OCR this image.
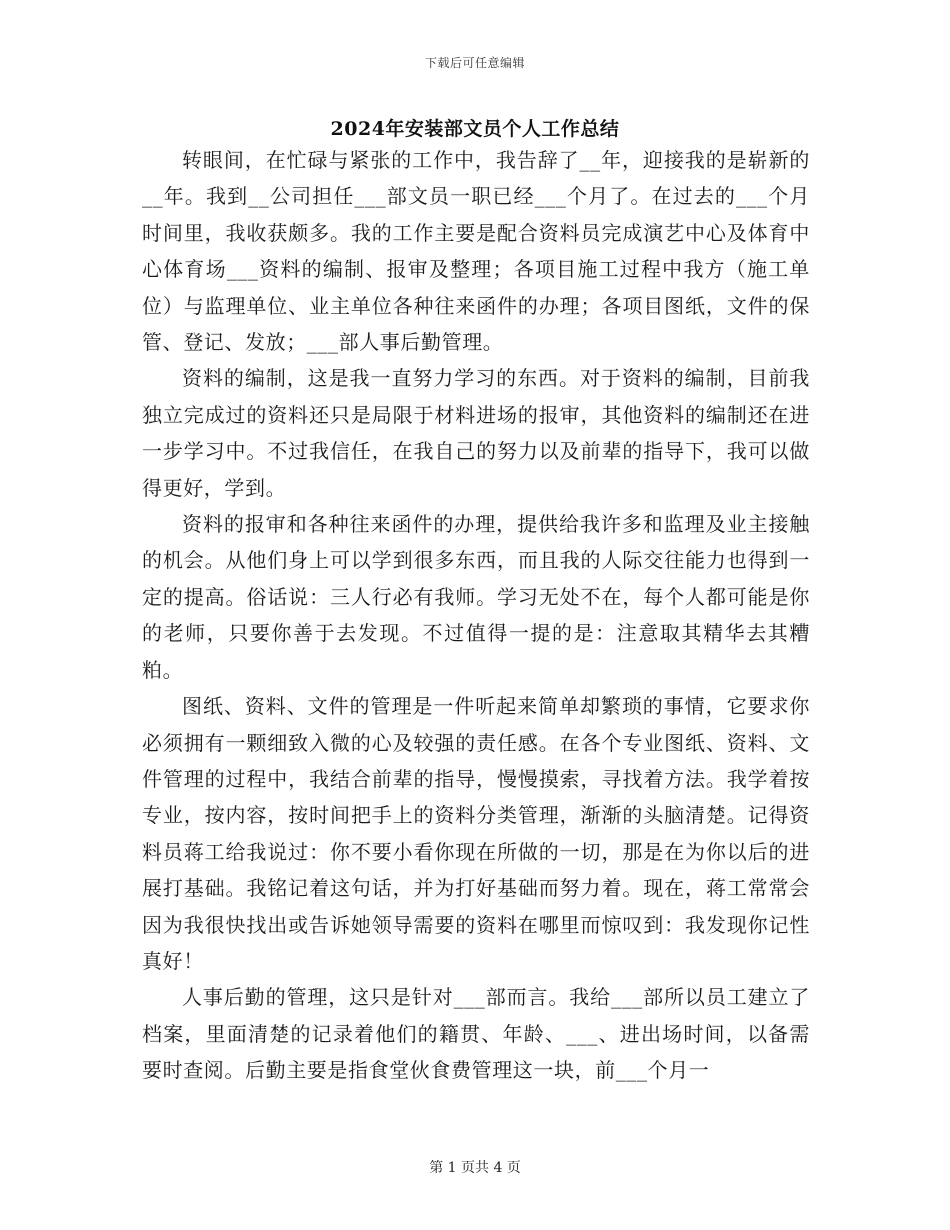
下载后可任意编辑
2024年安装部文员个人工作总结

转眼间，在忙碌与紧张的工作中，我告辞了__年，迎接我的是崭新的__年。我到__公司担任___部文员一职已经___个月了。在过去的___个月时间里，我收获颇多。我的工作主要是配合资料员完成演艺中心及体育中心体育场___资料的编制、报审及整理；各项目施工过程中我方（施工单位）与监理单位、业主单位各种往来函件的办理；各项目图纸，文件的保管、登记、发放；___部人事后勤管理。

资料的编制，这是我一直努力学习的东西。对于资料的编制，目前我独立完成过的资料还只是局限于材料进场的报审，其他资料的编制还在进一步学习中。不过我信任，在我自己的努力以及前辈的指导下，我可以做得更好，学到。

资料的报审和各种往来函件的办理，提供给我许多和监理及业主接触的机会。从他们身上可以学到很多东西，而且我的人际交往能力也得到一定的提高。俗话说：三人行必有我师。学习无处不在，每个人都可能是你的老师，只要你善于去发现。不过值得一提的是：注意取其精华去其糟粕。

图纸、资料、文件的管理是一件听起来简单却繁琐的事情，它要求你必须拥有一颗细致入微的心及较强的责任感。在各个专业图纸、资料、文件管理的过程中，我结合前辈的指导，慢慢摸索，寻找着方法。我学着按专业，按内容，按时间把手上的资料分类管理，渐渐的头脑清楚。记得资料员蒋工给我说过：你不要小看你现在所做的一切，那是在为你以后的进展打基础。我铭记着这句话，并为打好基础而努力着。现在，蒋工常常会因为我很快找出或告诉她领导需要的资料在哪里而惊叹到：我发现你记性真好！

人事后勤的管理，这只是针对___部而言。我给___部所以员工建立了档案，里面清楚的记录着他们的籍贯、年龄、___、进出场时间，以备需要时查阅。后勤主要是指食堂伙食费管理这一块，前___个月一

第 1 页共 4 页
